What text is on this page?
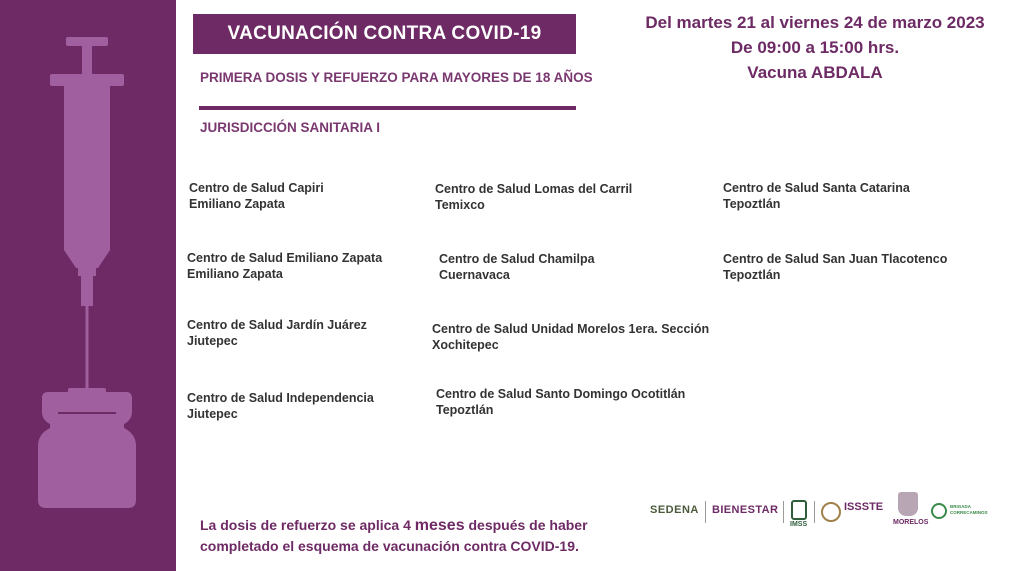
VACUNACIÓN CONTRA COVID-19
PRIMERA DOSIS Y REFUERZO PARA MAYORES DE 18 AÑOS
JURISDICCIÓN SANITARIA I
Del martes 21 al viernes 24 de marzo 2023
De 09:00 a 15:00 hrs.
Vacuna ABDALA
Centro de Salud Capiri
Emiliano Zapata
Centro de Salud Lomas del Carril
Temixco
Centro de Salud Santa Catarina
Tepoztlán
Centro de Salud Emiliano Zapata
Emiliano Zapata
Centro de Salud Chamilpa
Cuernavaca
Centro de Salud San Juan Tlacotenco
Tepoztlán
Centro de Salud Jardín Juárez
Jiutepec
Centro de Salud Unidad Morelos 1era. Sección
Xochitepec
Centro de Salud Independencia
Jiutepec
Centro de Salud Santo Domingo Ocotitlán
Tepoztlán
La dosis de refuerzo se aplica 4 meses después de haber
completado el esquema de vacunación contra COVID-19.
SEDENA BIENESTAR
IMSS
ISSSTE
MORELOS
BRIGADA CORRECAMINOS
